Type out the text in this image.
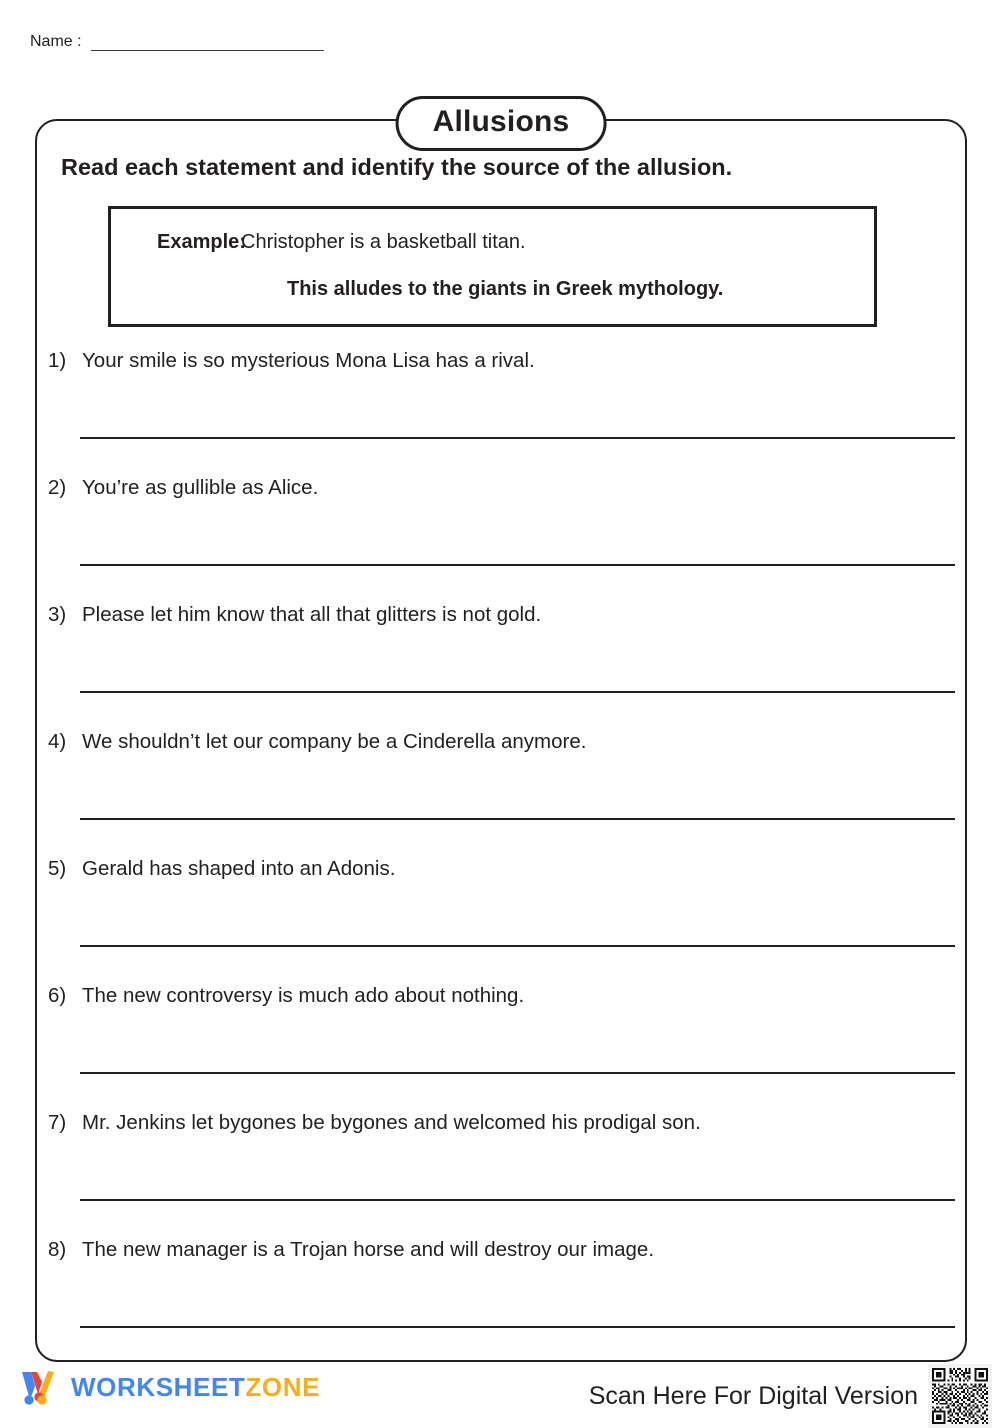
Name :
Allusions
Read each statement and identify the source of the allusion.
Example:
Christopher is a basketball titan.
This alludes to the giants in Greek mythology.
1) Your smile is so mysterious Mona Lisa has a rival.
2) You’re as gullible as Alice.
3) Please let him know that all that glitters is not gold.
4) We shouldn’t let our company be a Cinderella anymore.
5) Gerald has shaped into an Adonis.
6) The new controversy is much ado about nothing.
7) Mr. Jenkins let bygones be bygones and welcomed his prodigal son.
8) The new manager is a Trojan horse and will destroy our image.
WORKSHEETZONE	Scan Here For Digital Version
